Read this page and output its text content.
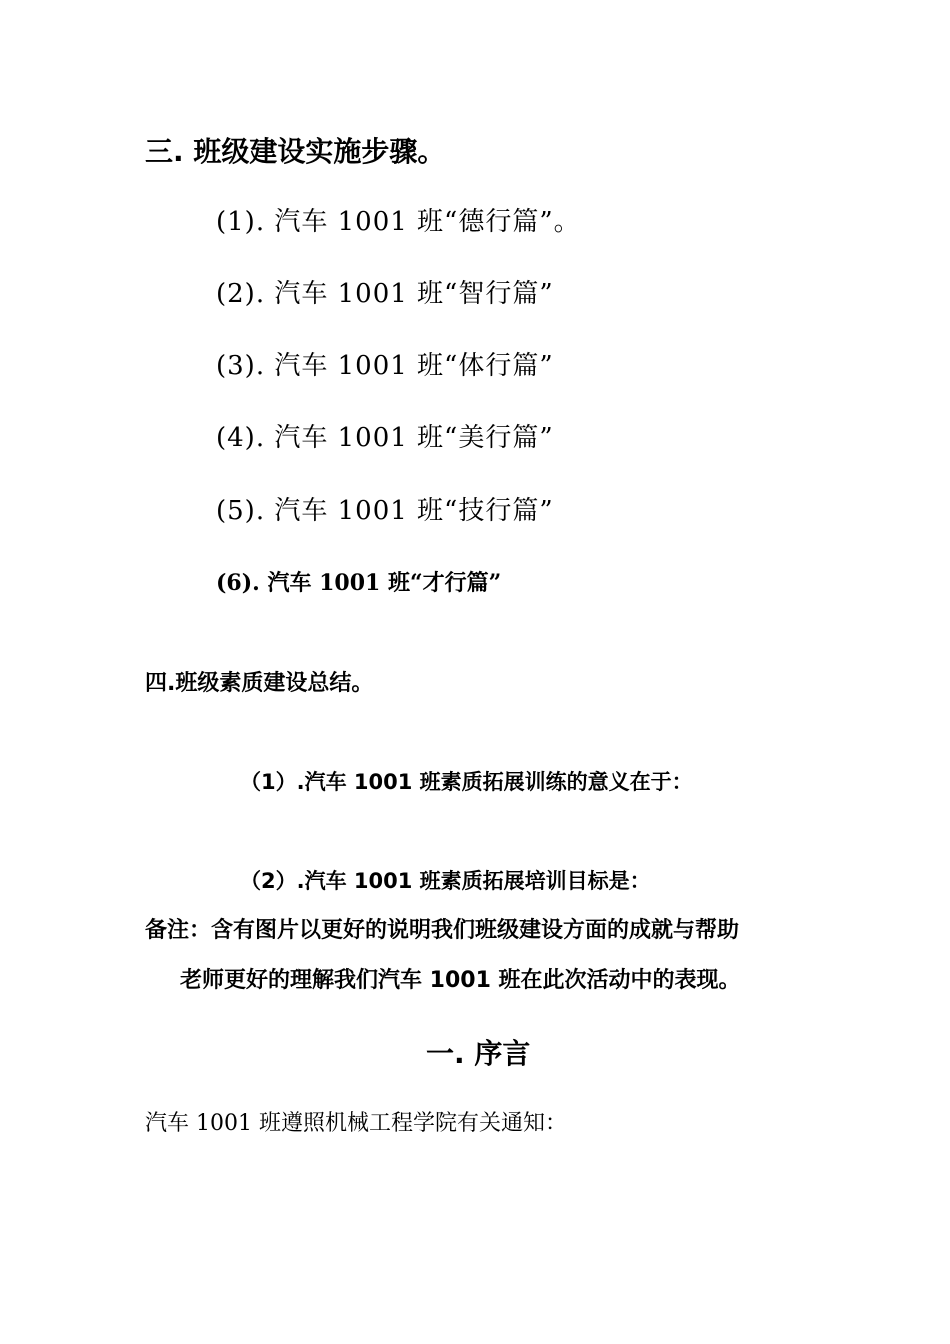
三. 班级建设实施步骤。
(1). 汽车 1001 班“德行篇”。
(2). 汽车 1001 班“智行篇”
(3). 汽车 1001 班“体行篇”
(4). 汽车 1001 班“美行篇”
(5). 汽车 1001 班“技行篇”
(6). 汽车 1001 班“才行篇”
四.班级素质建设总结。
（1）.汽车 1001 班素质拓展训练的意义在于：
（2）.汽车 1001 班素质拓展培训目标是：
备注：含有图片以更好的说明我们班级建设方面的成就与帮助
老师更好的理解我们汽车 1001 班在此次活动中的表现。
一. 序言
汽车 1001 班遵照机械工程学院有关通知：
